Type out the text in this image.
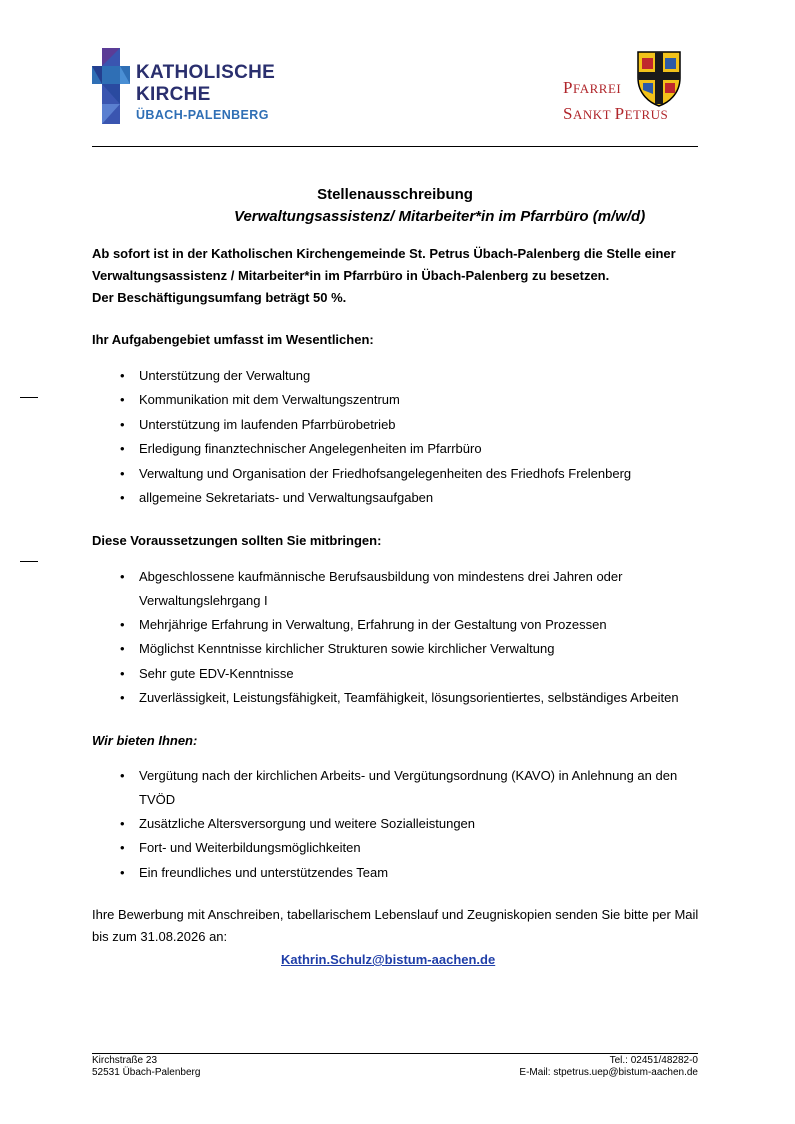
KATHOLISCHE
KIRCHE
ÜBACH-PALENBERG
PFARREI
SANKT PETRUS
Stellenausschreibung
Verwaltungsassistenz/ Mitarbeiter*in im Pfarrbüro (m/w/d)

Ab sofort ist in der Katholischen Kirchengemeinde St. Petrus Übach-Palenberg die Stelle einer Verwaltungsassistenz / Mitarbeiter*in im Pfarrbüro in Übach-Palenberg zu besetzen.

Der Beschäftigungsumfang beträgt 50 %.

Ihr Aufgabengebiet umfasst im Wesentlichen:
• Unterstützung der Verwaltung
• Kommunikation mit dem Verwaltungszentrum
• Unterstützung im laufenden Pfarrbürobetrieb
• Erledigung finanztechnischer Angelegenheiten im Pfarrbüro
• Verwaltung und Organisation der Friedhofsangelegenheiten des Friedhofs Frelenberg
• allgemeine Sekretariats- und Verwaltungsaufgaben
Diese Voraussetzungen sollten Sie mitbringen:
• Abgeschlossene kaufmännische Berufsausbildung von mindestens drei Jahren oder Verwaltungslehrgang I
• Mehrjährige Erfahrung in Verwaltung, Erfahrung in der Gestaltung von Prozessen
• Möglichst Kenntnisse kirchlicher Strukturen sowie kirchlicher Verwaltung
• Sehr gute EDV-Kenntnisse
• Zuverlässigkeit, Leistungsfähigkeit, Teamfähigkeit, lösungsorientiertes, selbständiges Arbeiten
Wir bieten Ihnen:
• Vergütung nach der kirchlichen Arbeits- und Vergütungsordnung (KAVO) in Anlehnung an den TVÖD
• Zusätzliche Altersversorgung und weitere Sozialleistungen
• Fort- und Weiterbildungsmöglichkeiten
• Ein freundliches und unterstützendes Team
Ihre Bewerbung mit Anschreiben, tabellarischem Lebenslauf und Zeugniskopien senden Sie bitte per Mail bis zum 31.08.2026 an:
Kathrin.Schulz@bistum-aachen.de
Kirchstraße 23
52531 Übach-Palenberg
Tel.: 02451/48282-0
E-Mail: stpetrus.uep@bistum-aachen.de
